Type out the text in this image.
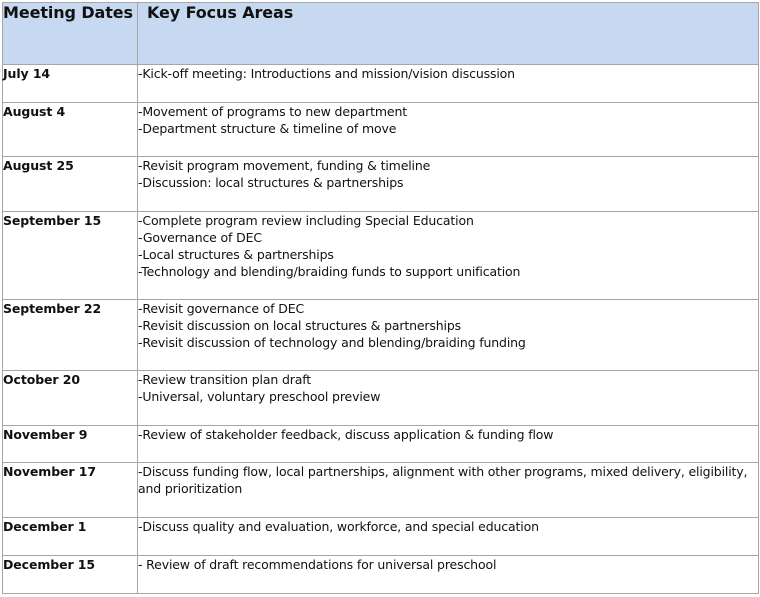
Meeting Dates	Key Focus Areas
July 14	-Kick-off meeting: Introductions and mission/vision discussion

August 4	-Movement of programs to new department
-Department structure & timeline of move

August 25	-Revisit program movement, funding & timeline
-Discussion: local structures & partnerships

September 15	-Complete program review including Special Education
-Governance of DEC
-Local structures & partnerships
-Technology and blending/braiding funds to support unification

September 22	-Revisit governance of DEC
-Revisit discussion on local structures & partnerships
-Revisit discussion of technology and blending/braiding funding

October 20	-Review transition plan draft
-Universal, voluntary preschool preview

November 9	-Review of stakeholder feedback, discuss application & funding flow

November 17	-Discuss funding flow, local partnerships, alignment with other programs, mixed delivery, eligibility, and prioritization

December 1	-Discuss quality and evaluation, workforce, and special education

December 15	- Review of draft recommendations for universal preschool
